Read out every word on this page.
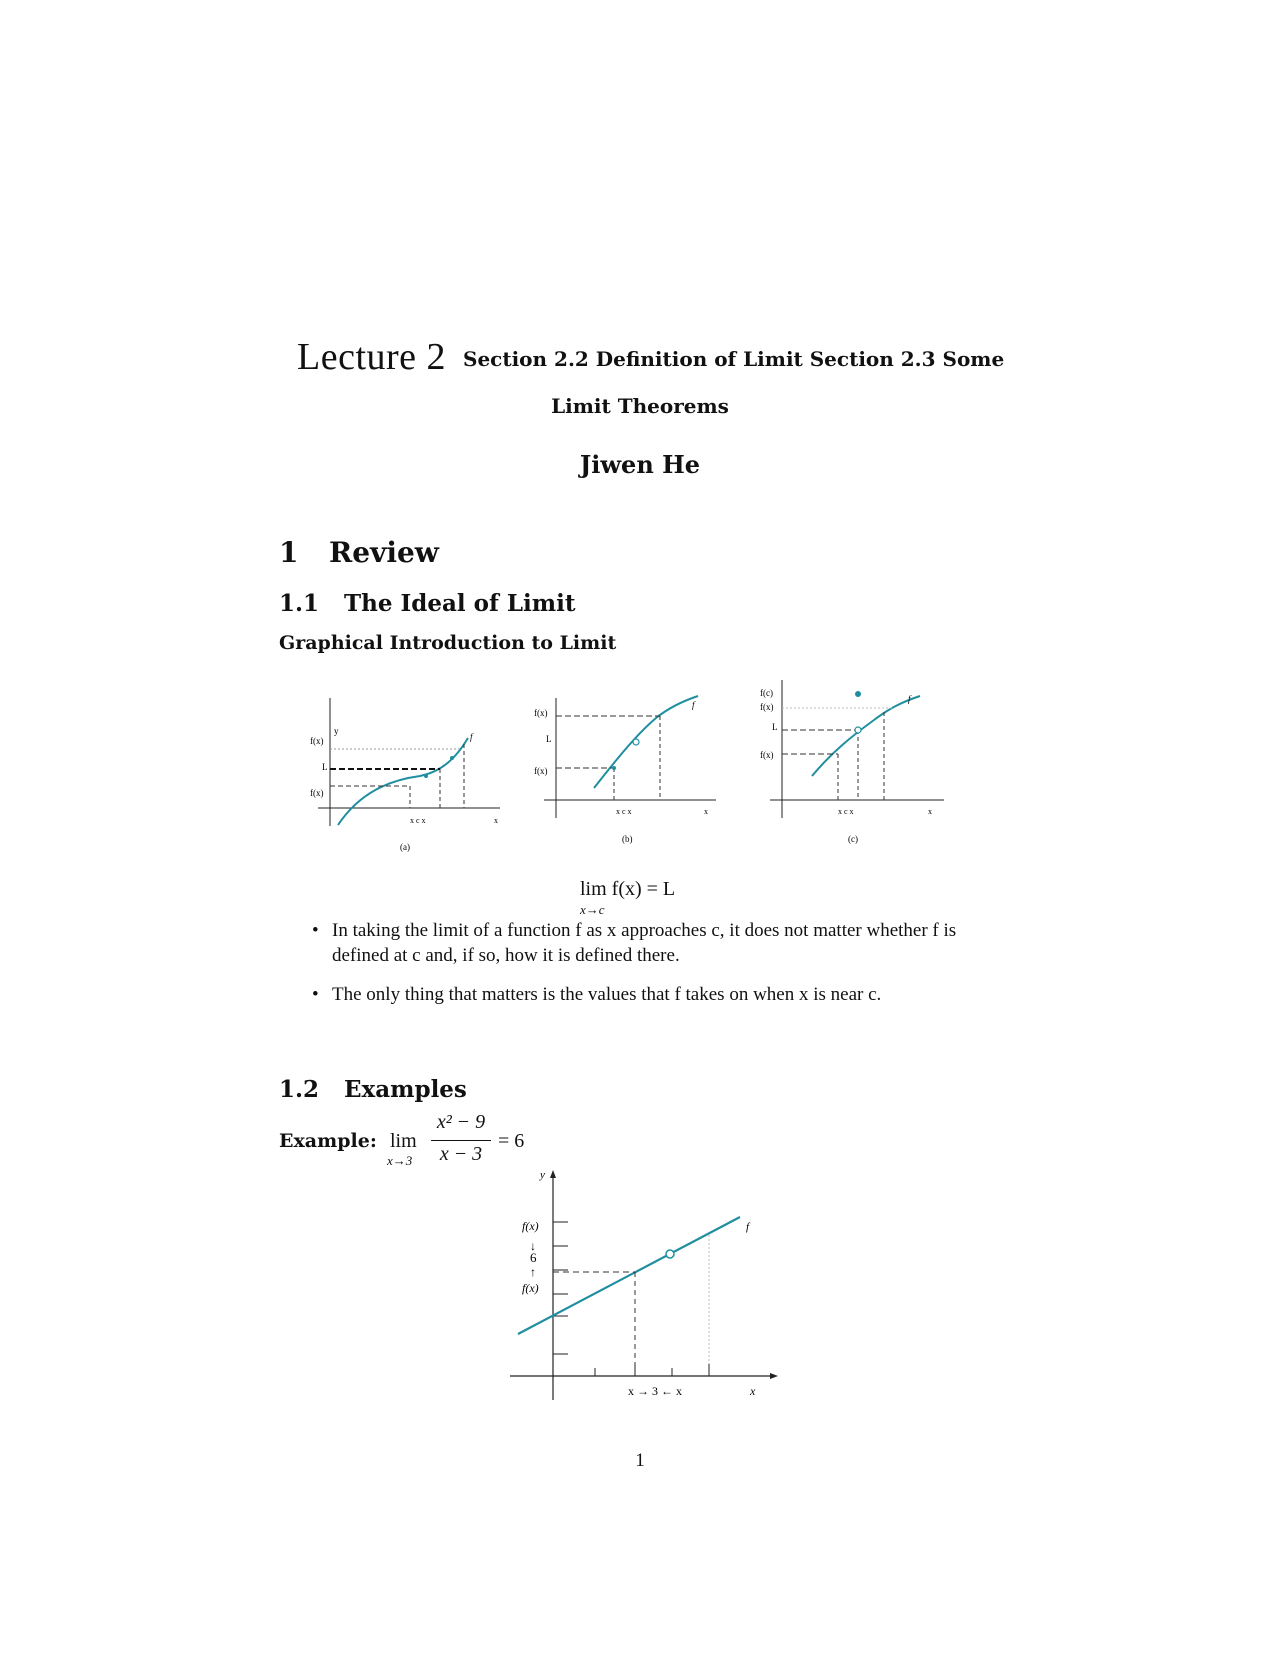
Lecture 2 Section 2.2 Definition of Limit Section 2.3 Some
Limit Theorems
Jiwen He
1 Review
1.1 The Ideal of Limit
Graphical Introduction to Limit
y
f(x)
L
f(x)
f
x c x	x
(a)
f(x)
L
f(x)
f
x c x	x
(b)
f(c)
f(x)
L
f(x)
f
x c x	x
(c)
lim f(x) = L
x→c
• In taking the limit of a function f as x approaches c, it does not matter whether f is defined at c and, if so, how it is defined there.
• The only thing that matters is the values that f takes on when x is near c.
1.2 Examples
Example: lim
x→3
x² − 9
x − 3
= 6
y
f(x)
↓
6
↑
f(x)
f
x → 3 ← x	x
1
